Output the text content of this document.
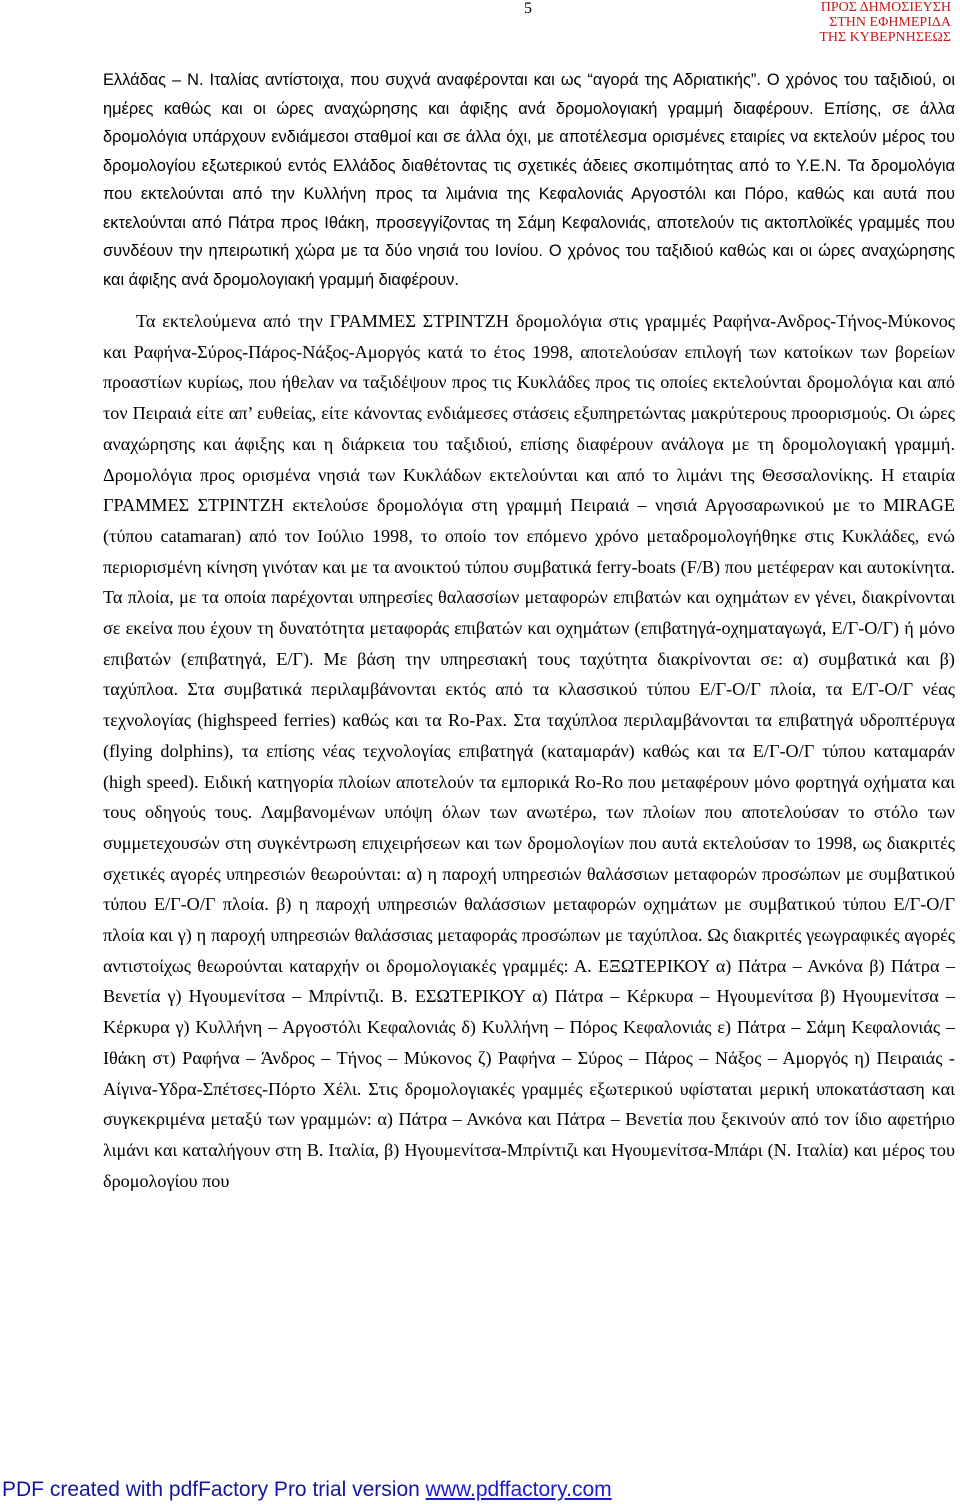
5	ΠΡΟΣ ΔΗΜΟΣΙΕΥΣΗ
ΣΤΗΝ ΕΦΗΜΕΡΙΔΑ
ΤΗΣ ΚΥΒΕΡΝΗΣΕΩΣ

Ελλάδας – Ν. Ιταλίας αντίστοιχα, που συχνά αναφέρονται και ως “αγορά της Αδριατικής”. Ο χρόνος του ταξιδιού, οι ημέρες καθώς και οι ώρες αναχώρησης και άφιξης ανά δρομολογιακή γραμμή διαφέρουν. Επίσης, σε άλλα δρομολόγια υπάρχουν ενδιάμεσοι σταθμοί και σε άλλα όχι, με αποτέλεσμα ορισμένες εταιρίες να εκτελούν μέρος του δρομολογίου εξωτερικού εντός Ελλάδος διαθέτοντας τις σχετικές άδειες σκοπιμότητας από το Υ.Ε.Ν. Τα δρομολόγια που εκτελούνται από την Κυλλήνη προς τα λιμάνια της Κεφαλονιάς Αργοστόλι και Πόρο, καθώς και αυτά που εκτελούνται από Πάτρα προς Ιθάκη, προσεγγίζοντας τη Σάμη Κεφαλονιάς, αποτελούν τις ακτοπλοϊκές γραμμές που συνδέουν την ηπειρωτική χώρα με τα δύο νησιά του Ιονίου. Ο χρόνος του ταξιδιού καθώς και οι ώρες αναχώρησης και άφιξης ανά δρομολογιακή γραμμή διαφέρουν.

Τα εκτελούμενα από την ΓΡΑΜΜΕΣ ΣΤΡΙΝΤΖΗ δρομολόγια στις γραμμές Ραφήνα-Ανδρος-Τήνος-Μύκονος και Ραφήνα-Σύρος-Πάρος-Νάξος-Αμοργός κατά το έτος 1998, αποτελούσαν επιλογή των κατοίκων των βορείων προαστίων κυρίως, που ήθελαν να ταξιδέψουν προς τις Κυκλάδες προς τις οποίες εκτελούνται δρομολόγια και από τον Πειραιά είτε απ’ ευθείας, είτε κάνοντας ενδιάμεσες στάσεις εξυπηρετώντας μακρύτερους προορισμούς. Οι ώρες αναχώρησης και άφιξης και η διάρκεια του ταξιδιού, επίσης διαφέρουν ανάλογα με τη δρομολογιακή γραμμή. Δρομολόγια προς ορισμένα νησιά των Κυκλάδων εκτελούνται και από το λιμάνι της Θεσσαλονίκης. Η εταιρία ΓΡΑΜΜΕΣ ΣΤΡΙΝΤΖΗ εκτελούσε δρομολόγια στη γραμμή Πειραιά – νησιά Αργοσαρωνικού με το MIRAGE (τύπου catamaran) από τον Ιούλιο 1998, το οποίο τον επόμενο χρόνο μεταδρομολογήθηκε στις Κυκλάδες, ενώ περιορισμένη κίνηση γινόταν και με τα ανοικτού τύπου συμβατικά ferry-boats (F/B) που μετέφεραν και αυτοκίνητα. Τα πλοία, με τα οποία παρέχονται υπηρεσίες θαλασσίων μεταφορών επιβατών και οχημάτων εν γένει, διακρίνονται σε εκείνα που έχουν τη δυνατότητα μεταφοράς επιβατών και οχημάτων (επιβατηγά-οχηματαγωγά, Ε/Γ-Ο/Γ) ή μόνο επιβατών (επιβατηγά, Ε/Γ). Με βάση την υπηρεσιακή τους ταχύτητα διακρίνονται σε: α) συμβατικά και β) ταχύπλοα. Στα συμβατικά περιλαμβάνονται εκτός από τα κλασσικού τύπου Ε/Γ-Ο/Γ πλοία, τα Ε/Γ-Ο/Γ νέας τεχνολογίας (highspeed ferries) καθώς και τα Ro-Pax. Στα ταχύπλοα περιλαμβάνονται τα επιβατηγά υδροπτέρυγα (flying dolphins), τα επίσης νέας τεχνολογίας επιβατηγά (καταμαράν) καθώς και τα Ε/Γ-Ο/Γ τύπου καταμαράν (high speed). Ειδική κατηγορία πλοίων αποτελούν τα εμπορικά Ro-Ro που μεταφέρουν μόνο φορτηγά οχήματα και τους οδηγούς τους. Λαμβανομένων υπόψη όλων των ανωτέρω, των πλοίων που αποτελούσαν το στόλο των συμμετεχουσών στη συγκέντρωση επιχειρήσεων και των δρομολογίων που αυτά εκτελούσαν το 1998, ως διακριτές σχετικές αγορές υπηρεσιών θεωρούνται: α) η παροχή υπηρεσιών θαλάσσιων μεταφορών προσώπων με συμβατικού τύπου Ε/Γ-Ο/Γ πλοία. β) η παροχή υπηρεσιών θαλάσσιων μεταφορών οχημάτων με συμβατικού τύπου Ε/Γ-Ο/Γ πλοία και γ) η παροχή υπηρεσιών θαλάσσιας μεταφοράς προσώπων με ταχύπλοα. Ως διακριτές γεωγραφικές αγορές αντιστοίχως θεωρούνται καταρχήν οι δρομολογιακές γραμμές: Α. ΕΞΩΤΕΡΙΚΟΥ α) Πάτρα – Ανκόνα β) Πάτρα – Βενετία γ) Ηγουμενίτσα – Μπρίντιζι. Β. ΕΣΩΤΕΡΙΚΟΥ α) Πάτρα – Κέρκυρα – Ηγουμενίτσα β) Ηγουμενίτσα – Κέρκυρα γ) Κυλλήνη – Αργοστόλι Κεφαλονιάς δ) Κυλλήνη – Πόρος Κεφαλονιάς ε) Πάτρα – Σάμη Κεφαλονιάς – Ιθάκη στ) Ραφήνα – Άνδρος – Τήνος – Μύκονος ζ) Ραφήνα – Σύρος – Πάρος – Νάξος – Αμοργός η) Πειραιάς - Αίγινα-Υδρα-Σπέτσες-Πόρτο Χέλι. Στις δρομολογιακές γραμμές εξωτερικού υφίσταται μερική υποκατάσταση και συγκεκριμένα μεταξύ των γραμμών: α) Πάτρα – Ανκόνα και Πάτρα – Βενετία που ξεκινούν από τον ίδιο αφετήριο λιμάνι και καταλήγουν στη Β. Ιταλία, β) Ηγουμενίτσα-Μπρίντιζι και Ηγουμενίτσα-Μπάρι (Ν. Ιταλία) και μέρος του δρομολογίου που

PDF created with pdfFactory Pro trial version www.pdffactory.com
